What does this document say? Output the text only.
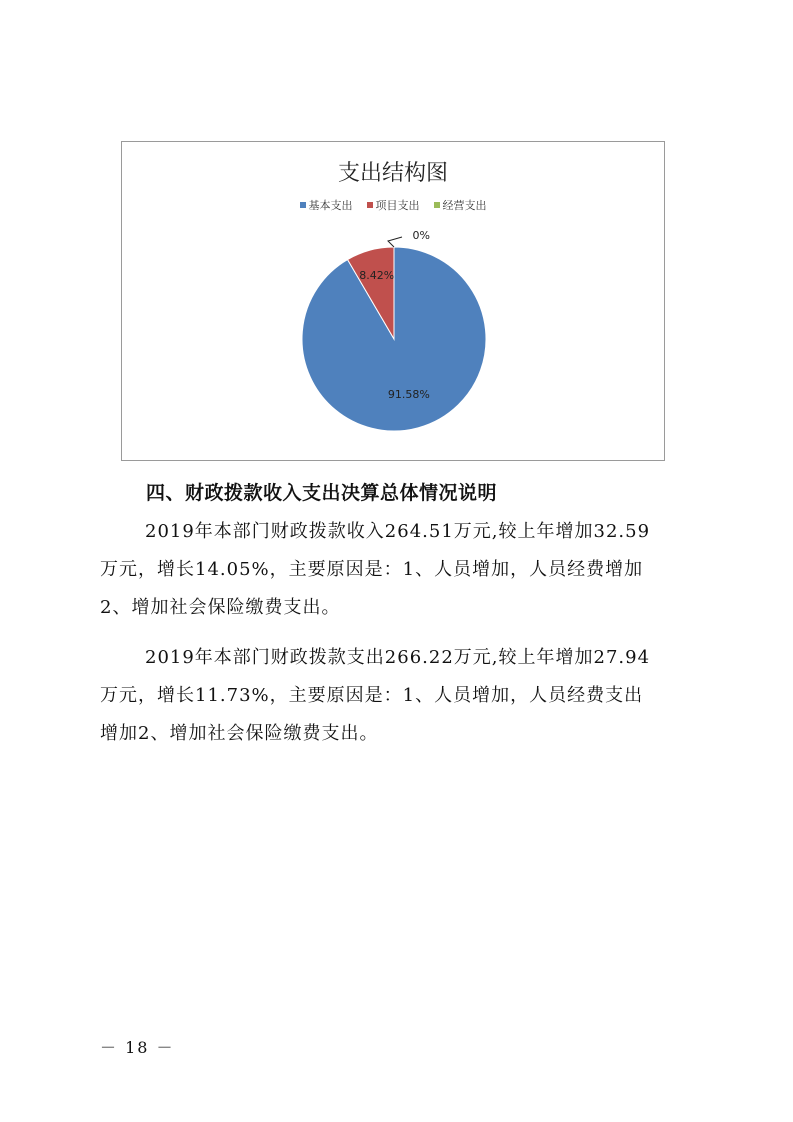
支出结构图
基本支出 项目支出 经营支出
91.58%
8.42%
0%
四、财政拨款收入支出决算总体情况说明
2019年本部门财政拨款收入264.51万元,较上年增加32.59
万元，增长14.05%，主要原因是：1、人员增加，人员经费增加
2、增加社会保险缴费支出。
2019年本部门财政拨款支出266.22万元,较上年增加27.94
万元，增长11.73%，主要原因是：1、人员增加，人员经费支出
增加2、增加社会保险缴费支出。
－ 18 －
